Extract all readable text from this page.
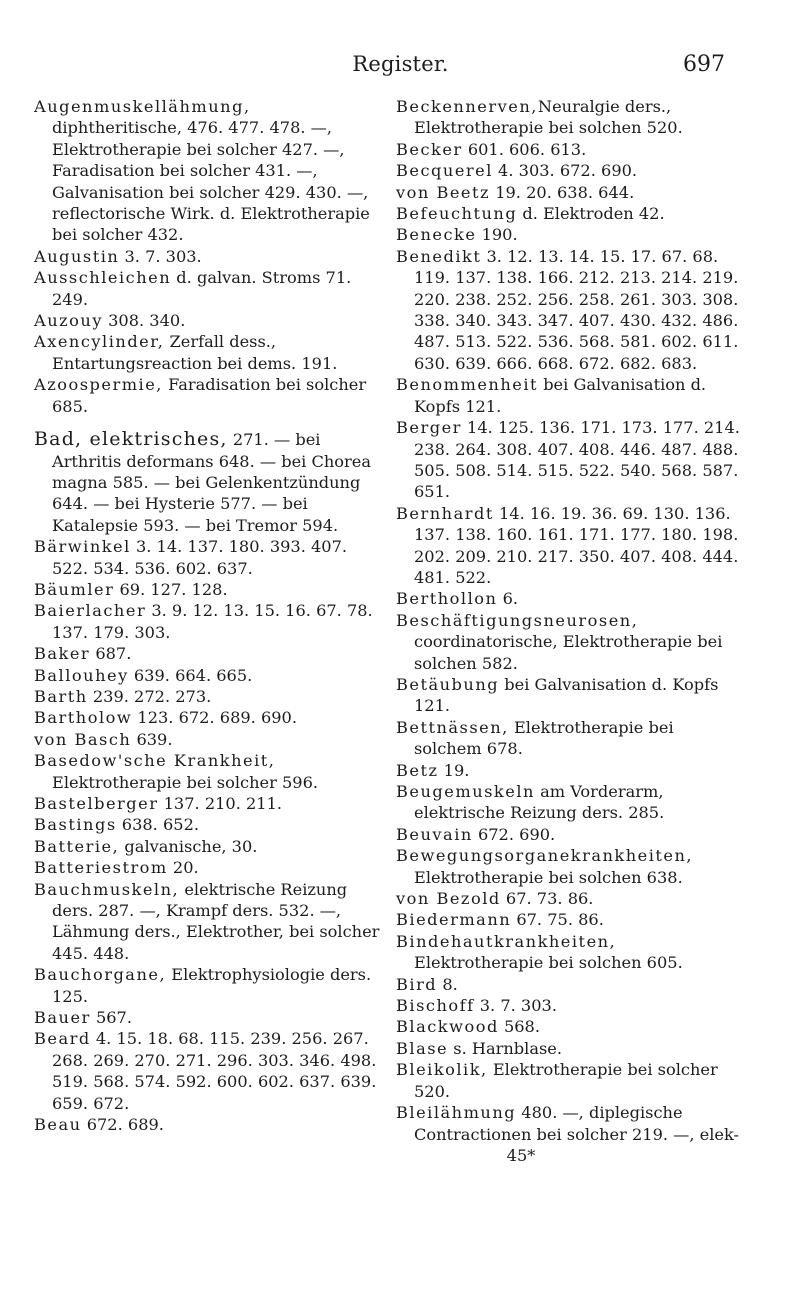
Register.	697

Augenmuskellähmung, diphtheritische, 476. 477. 478. —, Elektrotherapie bei solcher 427. —, Faradisation bei solcher 431. —, Galvanisation bei solcher 429. 430. —, reflectorische Wirk. d. Elektrotherapie bei solcher 432.

Augustin 3. 7. 303.

Ausschleichen d. galvan. Stroms 71. 249.

Auzouy 308. 340.

Axencylinder, Zerfall dess., Entartungsreaction bei dems. 191.

Azoospermie, Faradisation bei solcher 685.

Bad, elektrisches, 271. — bei Arthritis deformans 648. — bei Chorea magna 585. — bei Gelenkentzündung 644. — bei Hysterie 577. — bei Katalepsie 593. — bei Tremor 594.

Bärwinkel 3. 14. 137. 180. 393. 407. 522. 534. 536. 602. 637.

Bäumler 69. 127. 128.

Baierlacher 3. 9. 12. 13. 15. 16. 67. 78. 137. 179. 303.

Baker 687.

Ballouhey 639. 664. 665.

Barth 239. 272. 273.

Bartholow 123. 672. 689. 690.

von Basch 639.

Basedow'sche Krankheit, Elektrotherapie bei solcher 596.

Bastelberger 137. 210. 211.

Bastings 638. 652.

Batterie, galvanische, 30.

Batteriestrom 20.

Bauchmuskeln, elektrische Reizung ders. 287. —, Krampf ders. 532. —, Lähmung ders., Elektrother, bei solcher 445. 448.

Bauchorgane, Elektrophysiologie ders. 125.

Bauer 567.

Beard 4. 15. 18. 68. 115. 239. 256. 267. 268. 269. 270. 271. 296. 303. 346. 498. 519. 568. 574. 592. 600. 602. 637. 639. 659. 672.

Beau 672. 689.

Beckennerven,Neuralgie ders., Elektrotherapie bei solchen 520.

Becker 601. 606. 613.

Becquerel 4. 303. 672. 690.

von Beetz 19. 20. 638. 644.

Befeuchtung d. Elektroden 42.

Benecke 190.

Benedikt 3. 12. 13. 14. 15. 17. 67. 68. 119. 137. 138. 166. 212. 213. 214. 219. 220. 238. 252. 256. 258. 261. 303. 308. 338. 340. 343. 347. 407. 430. 432. 486. 487. 513. 522. 536. 568. 581. 602. 611. 630. 639. 666. 668. 672. 682. 683.

Benommenheit bei Galvanisation d. Kopfs 121.

Berger 14. 125. 136. 171. 173. 177. 214. 238. 264. 308. 407. 408. 446. 487. 488. 505. 508. 514. 515. 522. 540. 568. 587. 651.

Bernhardt 14. 16. 19. 36. 69. 130. 136. 137. 138. 160. 161. 171. 177. 180. 198. 202. 209. 210. 217. 350. 407. 408. 444. 481. 522.

Berthollon 6.

Beschäftigungsneurosen, coordinatorische, Elektrotherapie bei solchen 582.

Betäubung bei Galvanisation d. Kopfs 121.

Bettnässen, Elektrotherapie bei solchem 678.

Betz 19.

Beugemuskeln am Vorderarm, elektrische Reizung ders. 285.

Beuvain 672. 690.

Bewegungsorganekrankheiten, Elektrotherapie bei solchen 638.

von Bezold 67. 73. 86.

Biedermann 67. 75. 86.

Bindehautkrankheiten, Elektrotherapie bei solchen 605.

Bird 8.

Bischoff 3. 7. 303.

Blackwood 568.

Blase s. Harnblase.

Bleikolik, Elektrotherapie bei solcher 520.

Bleilähmung 480. —, diplegische Contractionen bei solcher 219. —, elek-

45*
